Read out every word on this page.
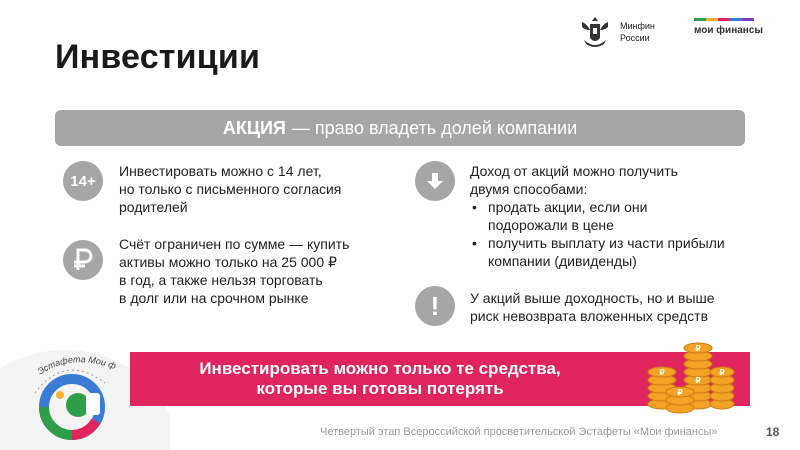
Инвестиции
Минфин
России
мои финансы
АКЦИЯ — право владеть долей компании
14+
Инвестировать можно с 14 лет,
но только с письменного согласия
родителей
Счёт ограничен по сумме — купить
активы можно только на 25 000 ₽
в год, а также нельзя торговать
в долг или на срочном рынке
Доход от акций можно получить
двумя способами:
• продать акции, если они
подорожали в цене
• получить выплату из части прибыли
компании (дивиденды)
!	У акций выше доходность, но и выше
риск невозврата вложенных средств
Эстафета Мои ф	Инвестировать можно только те средства,
которые вы готовы потерять
₽
₽
₽
₽
₽
Четвертый этап Всероссийской просветительской Эстафеты «Мои финансы»	18
